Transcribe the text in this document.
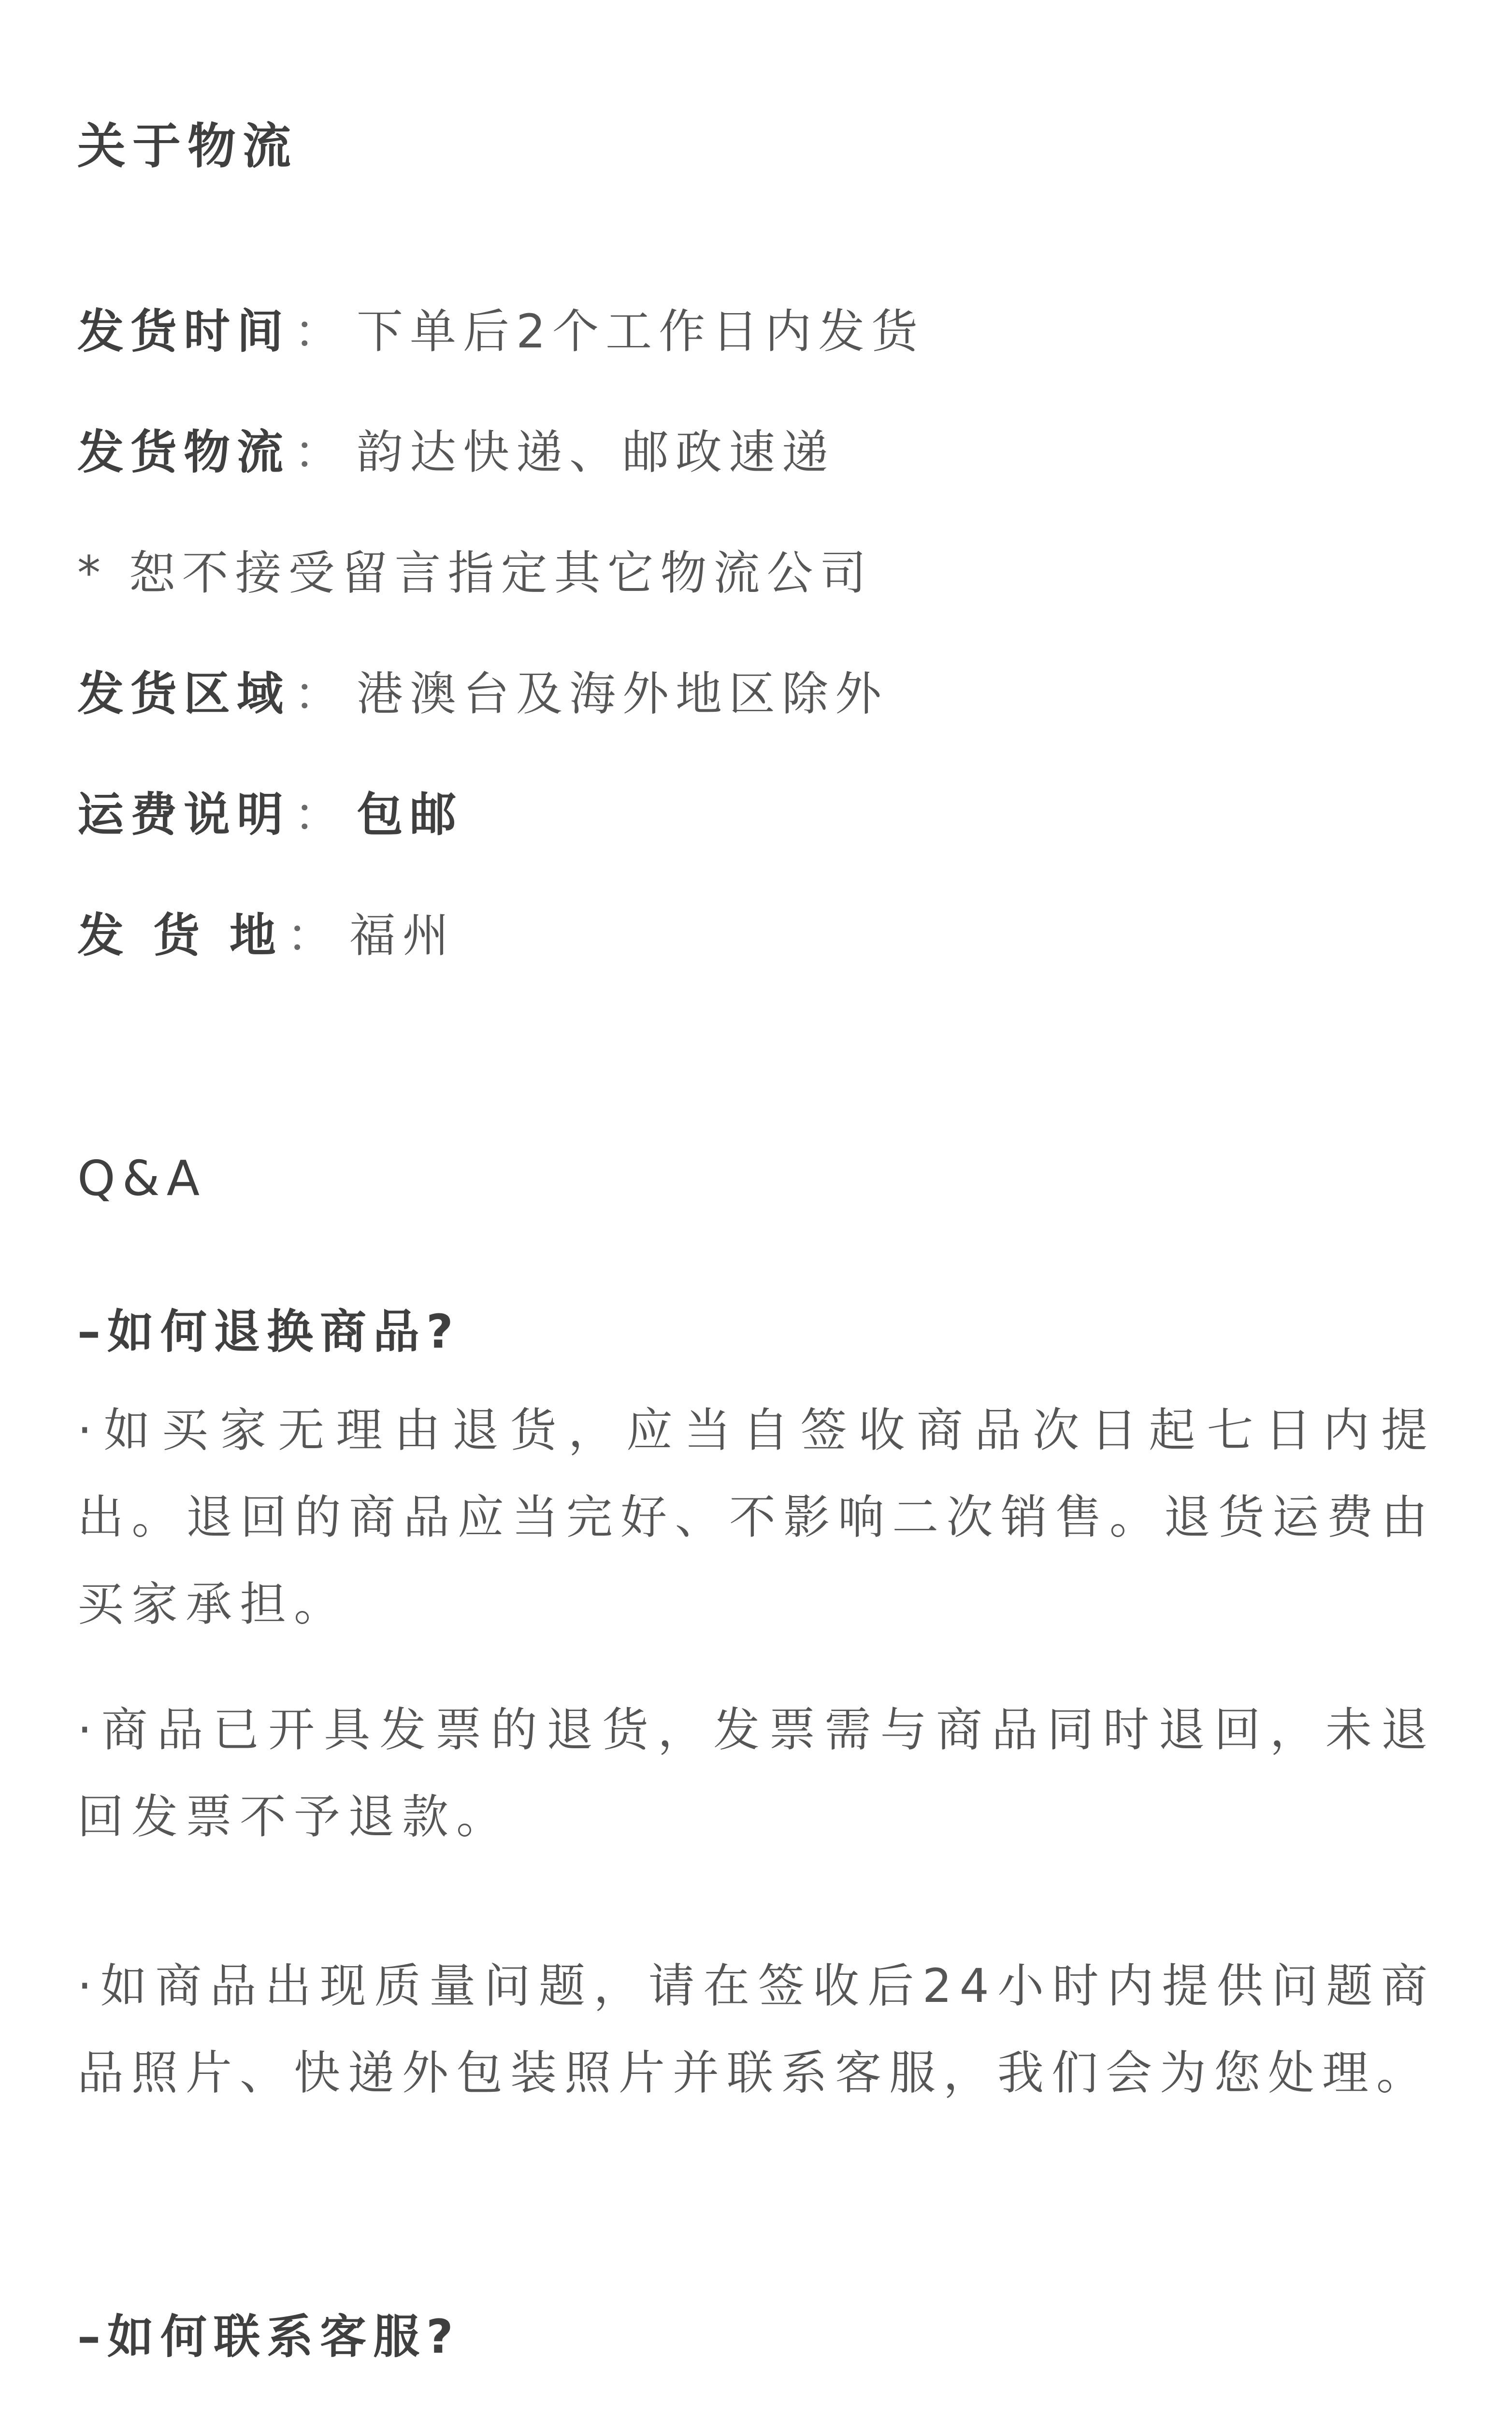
关于物流
发货时间： 下单后2个工作日内发货
发货物流： 韵达快递、邮政速递
* 恕不接受留言指定其它物流公司
发货区域： 港澳台及海外地区除外
运费说明： 包邮
发 货 地： 福州
Q&A
–如何退换商品?
·如买家无理由退货，应当自签收商品次日起七日内提出。退回的商品应当完好、不影响二次销售。退货运费由买家承担。
·商品已开具发票的退货，发票需与商品同时退回，未退回发票不予退款。
·如商品出现质量问题，请在签收后24小时内提供问题商品照片、快递外包装照片并联系客服，我们会为您处理。
–如何联系客服?
